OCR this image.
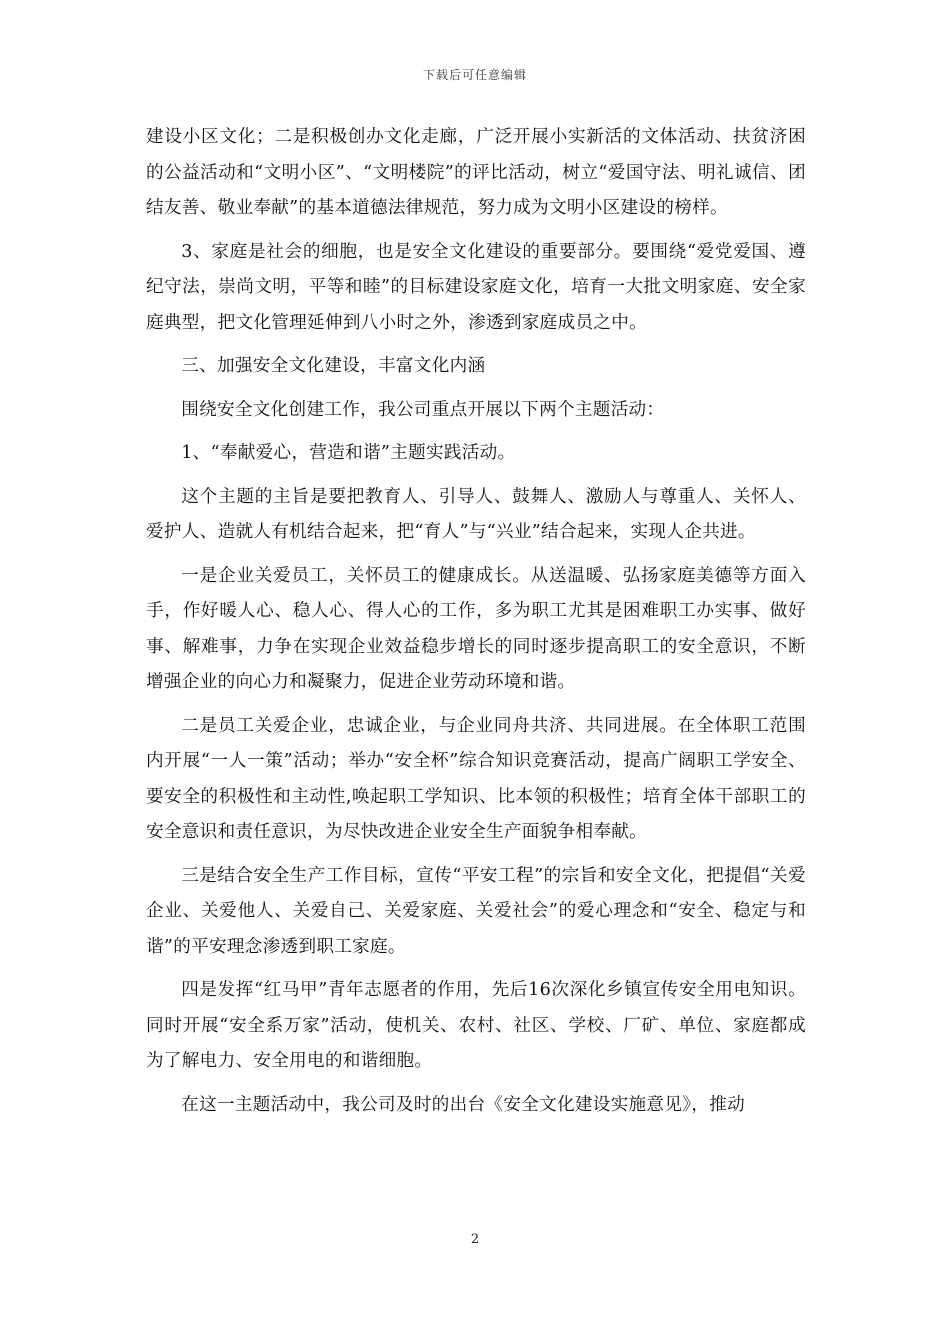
下载后可任意编辑

建设小区文化；二是积极创办文化走廊，广泛开展小实新活的文体活动、扶贫济困的公益活动和“文明小区”、“文明楼院”的评比活动，树立“爱国守法、明礼诚信、团结友善、敬业奉献”的基本道德法律规范，努力成为文明小区建设的榜样。

3、家庭是社会的细胞，也是安全文化建设的重要部分。要围绕“爱党爱国、遵纪守法，崇尚文明，平等和睦”的目标建设家庭文化，培育一大批文明家庭、安全家庭典型，把文化管理延伸到八小时之外，渗透到家庭成员之中。

三、加强安全文化建设，丰富文化内涵

围绕安全文化创建工作，我公司重点开展以下两个主题活动：

1、“奉献爱心，营造和谐”主题实践活动。

这个主题的主旨是要把教育人、引导人、鼓舞人、激励人与尊重人、关怀人、爱护人、造就人有机结合起来，把“育人”与“兴业”结合起来，实现人企共进。

一是企业关爱员工，关怀员工的健康成长。从送温暖、弘扬家庭美德等方面入手，作好暖人心、稳人心、得人心的工作，多为职工尤其是困难职工办实事、做好事、解难事，力争在实现企业效益稳步增长的同时逐步提高职工的安全意识，不断增强企业的向心力和凝聚力，促进企业劳动环境和谐。

二是员工关爱企业，忠诚企业，与企业同舟共济、共同进展。在全体职工范围内开展“一人一策”活动；举办“安全杯”综合知识竞赛活动，提高广阔职工学安全、要安全的积极性和主动性,唤起职工学知识、比本领的积极性；培育全体干部职工的安全意识和责任意识，为尽快改进企业安全生产面貌争相奉献。

三是结合安全生产工作目标，宣传“平安工程”的宗旨和安全文化，把提倡“关爱企业、关爱他人、关爱自己、关爱家庭、关爱社会”的爱心理念和“安全、稳定与和谐”的平安理念渗透到职工家庭。

四是发挥“红马甲”青年志愿者的作用，先后16次深化乡镇宣传安全用电知识。同时开展“安全系万家”活动，使机关、农村、社区、学校、厂矿、单位、家庭都成为了解电力、安全用电的和谐细胞。

在这一主题活动中，我公司及时的出台《安全文化建设实施意见》，推动

2
